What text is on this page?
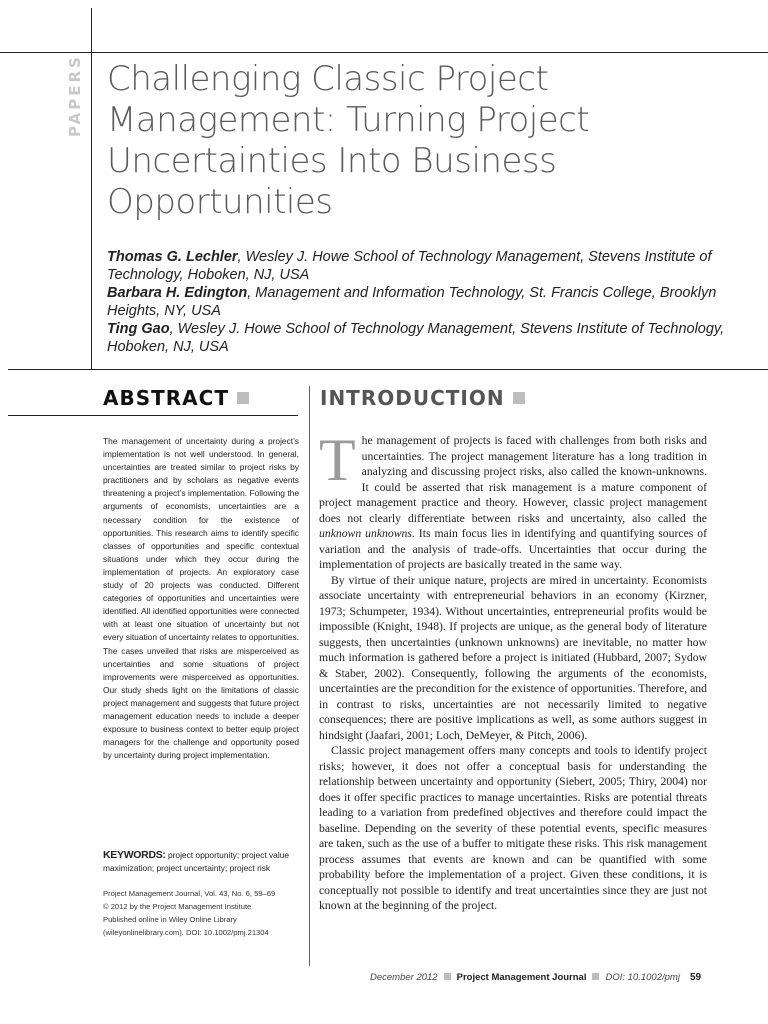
PAPERS Challenging Classic Project Management: Turning Project Uncertainties Into Business Opportunities
Thomas G. Lechler, Wesley J. Howe School of Technology Management, Stevens Institute of Technology, Hoboken, NJ, USA
Barbara H. Edington, Management and Information Technology, St. Francis College, Brooklyn Heights, NY, USA
Ting Gao, Wesley J. Howe School of Technology Management, Stevens Institute of Technology, Hoboken, NJ, USA
ABSTRACT

The management of uncertainty during a project’s implementation is not well understood. In general, uncertainties are treated similar to project risks by practitioners and by scholars as negative events threatening a project’s implementation. Following the arguments of economists, uncertainties are a necessary condition for the existence of opportunities. This research aims to identify specific classes of opportunities and specific contextual situations under which they occur during the implementation of projects. An exploratory case study of 20 projects was conducted. Different categories of opportunities and uncertainties were identified. All identified opportunities were connected with at least one situation of uncertainty but not every situation of uncertainty relates to opportunities. The cases unveiled that risks are misperceived as uncertainties and some situations of project improvements were misperceived as opportunities. Our study sheds light on the limitations of classic project management and suggests that future project management education needs to include a deeper exposure to business context to better equip project managers for the challenge and opportunity posed by uncertainty during project implementation.

KEYWORDS: project opportunity; project value maximization; project uncertainty; project risk
Project Management Journal, Vol. 43, No. 6, 59–69
© 2012 by the Project Management Institute
Published online in Wiley Online Library
(wileyonlinelibrary.com). DOI: 10.1002/pmj.21304
INTRODUCTION

The management of projects is faced with challenges from both risks and uncertainties. The project management literature has a long tradition in analyzing and discussing project risks, also called the known-unknowns. It could be asserted that risk management is a mature component of project management practice and theory. However, classic project management does not clearly differentiate between risks and uncertainty, also called the unknown unknowns. Its main focus lies in identifying and quantifying sources of variation and the analysis of trade-offs. Uncertainties that occur during the implementation of projects are basically treated in the same way.

By virtue of their unique nature, projects are mired in uncertainty. Economists associate uncertainty with entrepreneurial behaviors in an economy (Kirzner, 1973; Schumpeter, 1934). Without uncertainties, entrepreneurial profits would be impossible (Knight, 1948). If projects are unique, as the general body of literature suggests, then uncertainties (unknown unknowns) are inevitable, no matter how much information is gathered before a project is initiated (Hubbard, 2007; Sydow & Staber, 2002). Consequently, following the arguments of the economists, uncertainties are the precondition for the existence of opportunities. Therefore, and in contrast to risks, uncertainties are not necessarily limited to negative consequences; there are positive implications as well, as some authors suggest in hindsight (Jaafari, 2001; Loch, DeMeyer, & Pitch, 2006).

Classic project management offers many concepts and tools to identify project risks; however, it does not offer a conceptual basis for understanding the relationship between uncertainty and opportunity (Siebert, 2005; Thiry, 2004) nor does it offer specific practices to manage uncertainties. Risks are potential threats leading to a variation from predefined objectives and therefore could impact the baseline. Depending on the severity of these potential events, specific measures are taken, such as the use of a buffer to mitigate these risks. This risk management process assumes that events are known and can be quantified with some probability before the implementation of a project. Given these conditions, it is conceptually not possible to identify and treat uncertainties since they are just not known at the beginning of the project.

December 2012 Project Management Journal DOI: 10.1002/pmj 59
